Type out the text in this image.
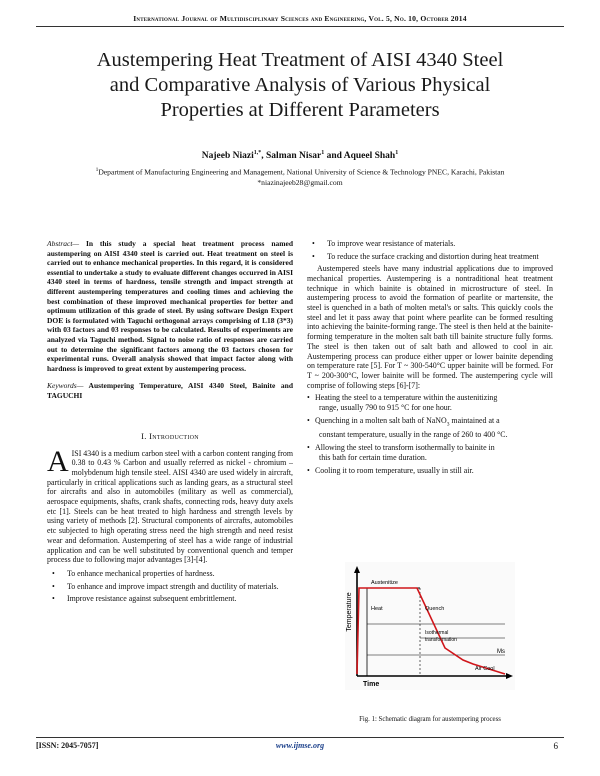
International Journal of Multidisciplinary Sciences and Engineering, Vol. 5, No. 10, October 2014
Austempering Heat Treatment of AISI 4340 Steel
and Comparative Analysis of Various Physical
Properties at Different Parameters
Najeeb Niazi$^{1,*}$, Salman Nisar$^1$ and Aqueel Shah$^1$
$^1$Department of Manufacturing Engineering and Management, National University of Science & Technology PNEC, Karachi, Pakistan
*niazinajeeb28@gmail.com

Abstract— In this study a special heat treatment process named austempering on AISI 4340 steel is carried out. Heat treatment on steel is carried out to enhance mechanical properties. In this regard, it is considered essential to undertake a study to evaluate different changes occurred in AISI 4340 steel in terms of hardness, tensile strength and impact strength at different austempering temperatures and cooling times and achieving the best combination of these improved mechanical properties for better and optimum utilization of this grade of steel. By using software Design Expert DOE is formulated with Taguchi orthogonal arrays comprising of L18 (3*3) with 03 factors and 03 responses to be calculated. Results of experiments are analyzed via Taguchi method. Signal to noise ratio of responses are carried out to determine the significant factors among the 03 factors chosen for experimental runs. Overall analysis showed that impact factor along with hardness is improved to great extent by austempering process.

Keywords— Austempering Temperature, AISI 4340 Steel, Bainite and TAGUCHI

I. Introduction

AISI 4340 is a medium carbon steel with a carbon content ranging from 0.38 to 0.43 % Carbon and usually referred as nickel - chromium – molybdenum high tensile steel. AISI 4340 are used widely in aircraft, particularly in critical applications such as landing gears, as a structural steel for aircrafts and also in automobiles (military as well as commercial), aerospace equipments, shafts, crank shafts, connecting rods, heavy duty axels etc [1]. Steels can be heat treated to high hardness and strength levels by using variety of methods [2]. Structural components of aircrafts, automobiles etc subjected to high operating stress need the high strength and need resist wear and deformation. Austempering of steel has a wide range of industrial application and can be well substituted by conventional quench and temper process due to following major advantages [3]-[4].

• To enhance mechanical properties of hardness.
• To enhance and improve impact strength and ductility of materials.
• Improve resistance against subsequent embrittlement.
• To improve wear resistance of materials.
• To reduce the surface cracking and distortion during heat treatment

Austempered steels have many industrial applications due to improved mechanical properties. Austempering is a nontraditional heat treatment technique in which bainite is obtained in microstructure of steel. In austempering process to avoid the formation of pearlite or martensite, the steel is quenched in a bath of molten metal's or salts. This quickly cools the steel and let it pass away that point where pearlite can be formed resulting into achieving the bainite-forming range. The steel is then held at the bainite-forming temperature in the molten salt bath till bainite structure fully forms. The steel is then taken out of salt bath and allowed to cool in air. Austempering process can produce either upper or lower bainite depending on temperature rate [5]. For T ~ 300-540°C upper bainite will be formed. For T ~ 200-300°C, lower bainite will be formed. The austempering cycle will comprise of following steps [6]-[7]:

• Heating the steel to a temperature within the austenitizing
range, usually 790 to 915 °C for one hour.
• Quenching in a molten salt bath of NaNO$_3$ maintained at a
constant temperature, usually in the range of 260 to 400 °C.
• Allowing the steel to transform isothermally to bainite in
this bath for certain time duration.
• Cooling it to room temperature, usually in still air.
Temperature
Time
Austenitize
Heat	Quench
Isothermal
transformation
Ms
Air Cool
Fig. 1: Schematic diagram for austempering process
[ISSN: 2045-7057]	www.ijmse.org	6
